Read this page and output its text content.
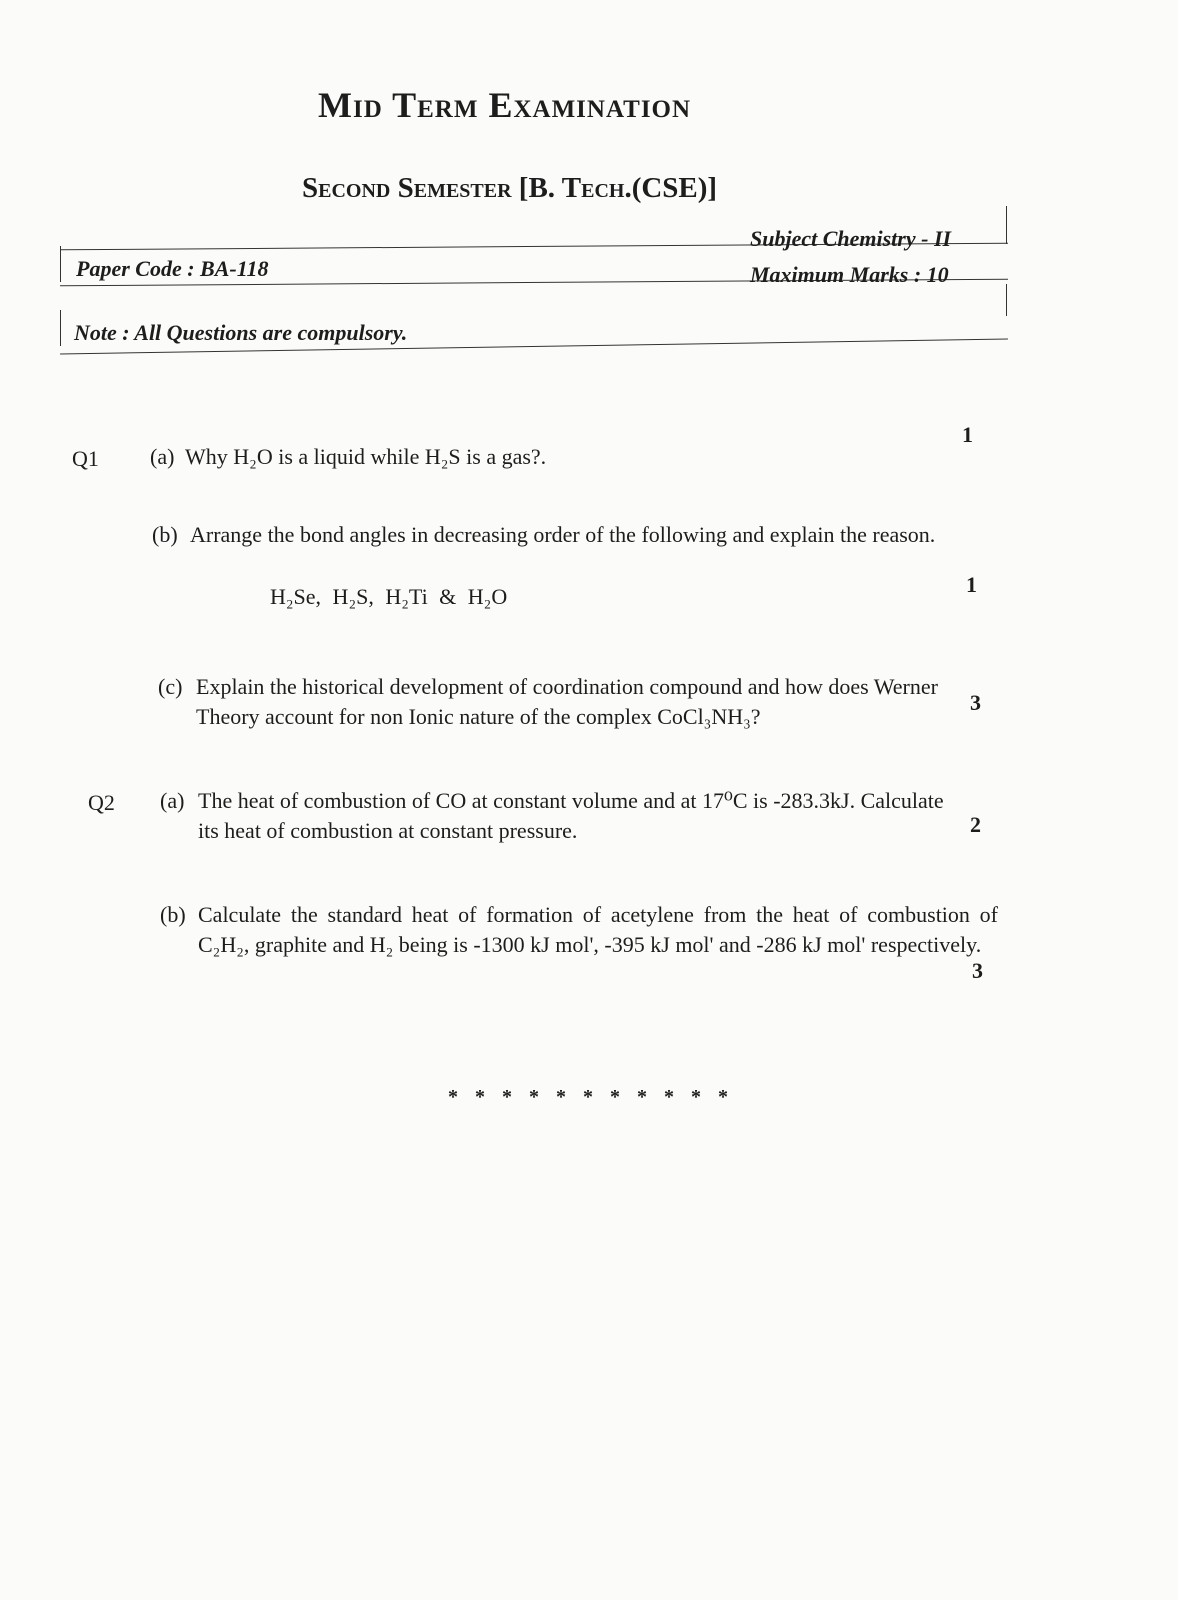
Mid Term Examination
Second Semester [B. Tech.(CSE)]
Paper Code : BA-118
Subject Chemistry - II
Maximum Marks : 10
Note : All Questions are compulsory.
Q1 (a) Why H₂O is a liquid while H₂S is a gas?.
1
(b) Arrange the bond angles in decreasing order of the following and explain the reason.
H₂Se, H₂S, H₂Ti & H₂O	1
(c) Explain the historical development of coordination compound and how does Werner Theory account for non Ionic nature of the complex CoCl₃NH₃?
3
Q2 (a) The heat of combustion of CO at constant volume and at 17⁰C is -283.3kJ. Calculate its heat of combustion at constant pressure.	2
(b) Calculate the standard heat of formation of acetylene from the heat of combustion of C₂H₂, graphite and H₂ being is -1300 kJ mol', -395 kJ mol' and -286 kJ mol' respectively.
3
* * * * * * * * * * *
